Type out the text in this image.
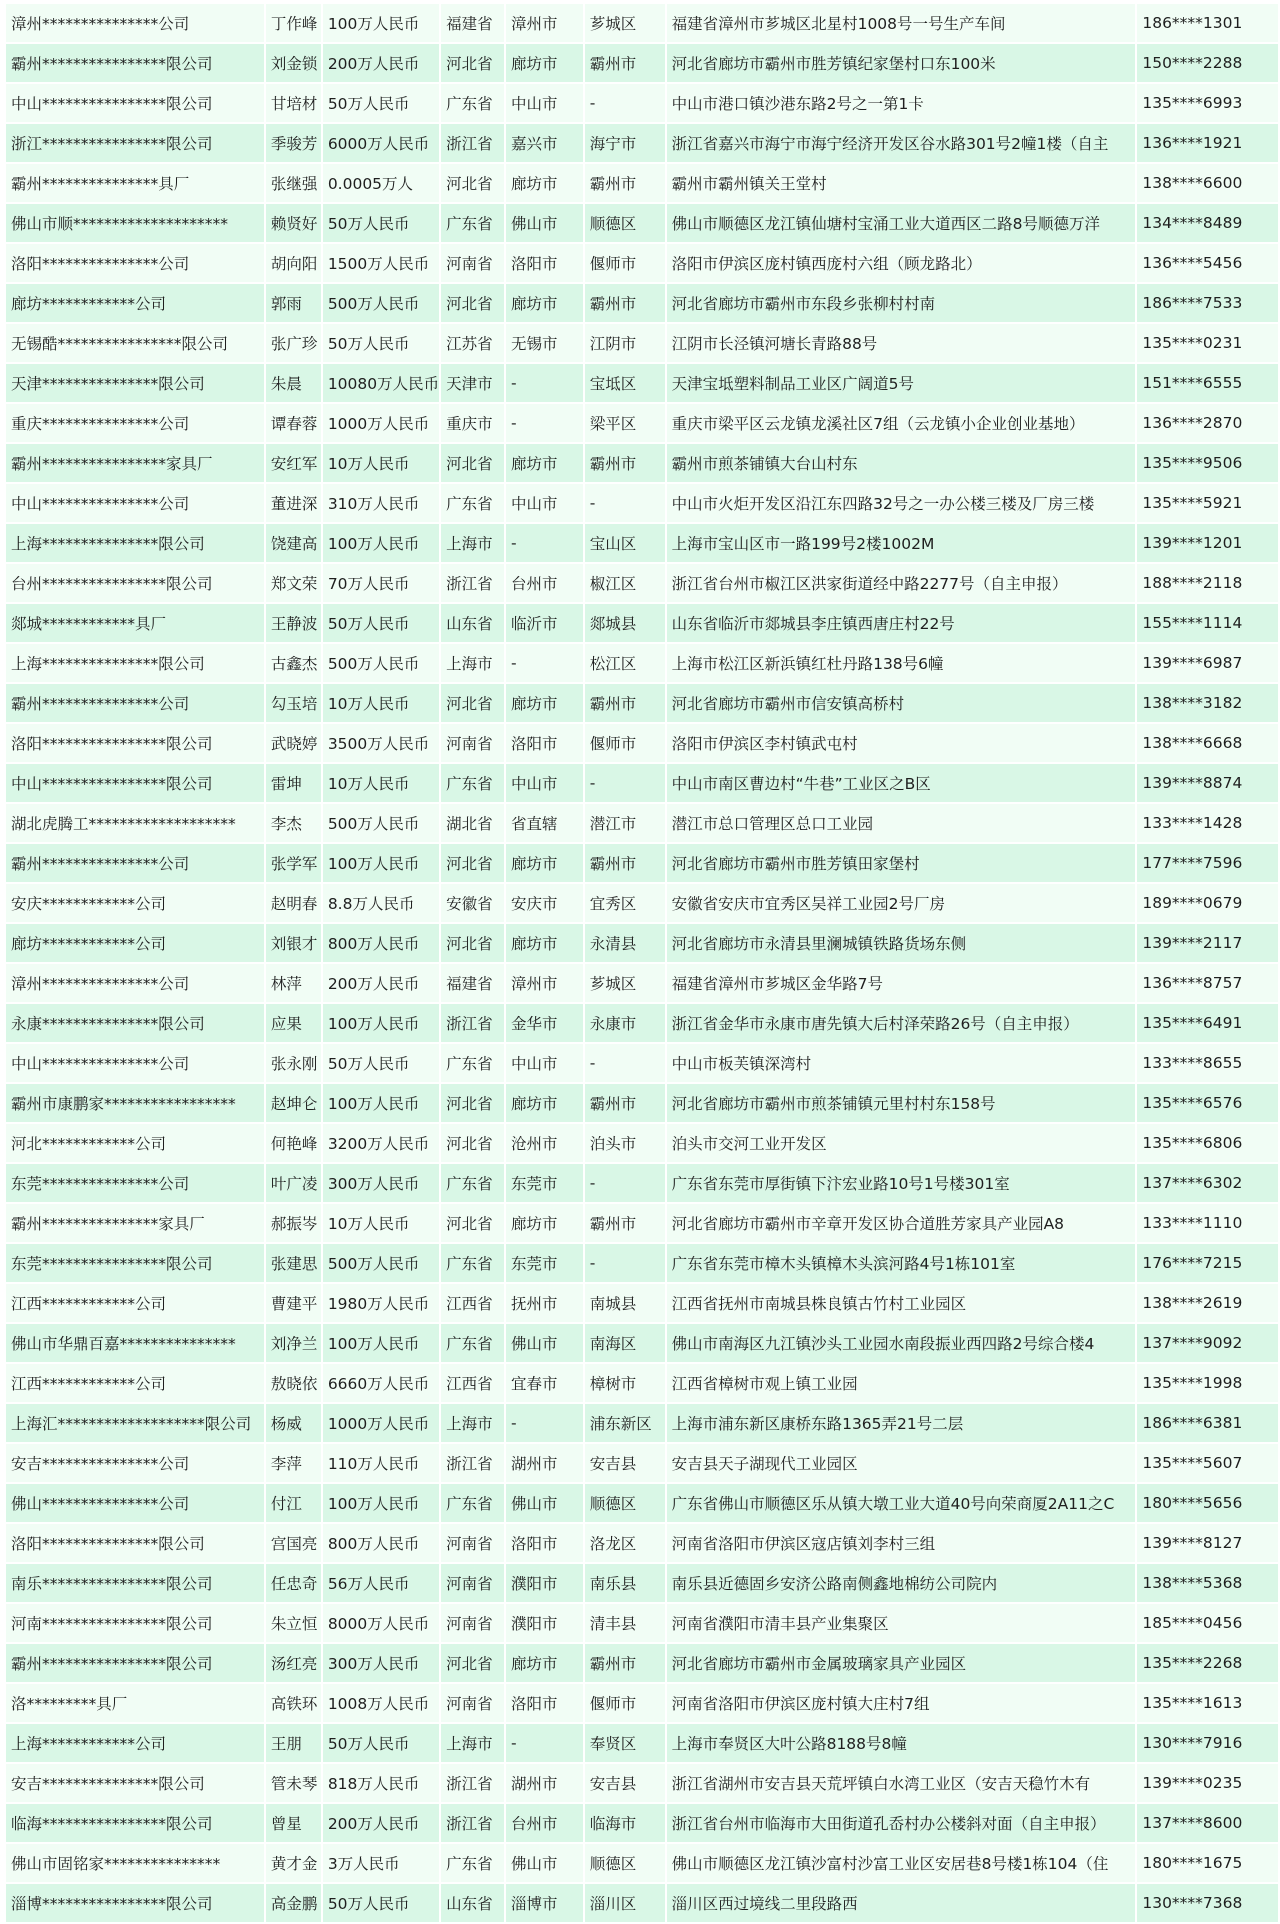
漳州***************公司	丁作峰	100万人民币	福建省	漳州市	芗城区	福建省漳州市芗城区北星村1008号一号生产车间	186****1301
霸州****************限公司	刘金锁	200万人民币	河北省	廊坊市	霸州市	河北省廊坊市霸州市胜芳镇纪家堡村口东100米	150****2288
中山****************限公司	甘培材	50万人民币	广东省	中山市	-	中山市港口镇沙港东路2号之一第1卡	135****6993
浙江****************限公司	季骏芳	6000万人民币	浙江省	嘉兴市	海宁市	浙江省嘉兴市海宁市海宁经济开发区谷水路301号2幢1楼（自主	136****1921
霸州***************具厂	张继强	0.0005万人	河北省	廊坊市	霸州市	霸州市霸州镇关王堂村	138****6600
佛山市顺********************	赖贤好	50万人民币	广东省	佛山市	顺德区	佛山市顺德区龙江镇仙塘村宝涌工业大道西区二路8号顺德万洋	134****8489
洛阳***************公司	胡向阳	1500万人民币	河南省	洛阳市	偃师市	洛阳市伊滨区庞村镇西庞村六组（顾龙路北）	136****5456
廊坊************公司	郭雨	500万人民币	河北省	廊坊市	霸州市	河北省廊坊市霸州市东段乡张柳村村南	186****7533
无锡酷****************限公司	张广珍	50万人民币	江苏省	无锡市	江阴市	江阴市长泾镇河塘长青路88号	135****0231
天津***************限公司	朱晨	10080万人民币	天津市	-	宝坻区	天津宝坻塑料制品工业区广阔道5号	151****6555
重庆***************公司	谭春蓉	1000万人民币	重庆市	-	梁平区	重庆市梁平区云龙镇龙溪社区7组（云龙镇小企业创业基地）	136****2870
霸州****************家具厂	安红军	10万人民币	河北省	廊坊市	霸州市	霸州市煎茶铺镇大台山村东	135****9506
中山***************公司	董进深	310万人民币	广东省	中山市	-	中山市火炬开发区沿江东四路32号之一办公楼三楼及厂房三楼	135****5921
上海***************限公司	饶建高	100万人民币	上海市	-	宝山区	上海市宝山区市一路199号2楼1002M	139****1201
台州****************限公司	郑文荣	70万人民币	浙江省	台州市	椒江区	浙江省台州市椒江区洪家街道经中路2277号（自主申报）	188****2118
郯城************具厂	王静波	50万人民币	山东省	临沂市	郯城县	山东省临沂市郯城县李庄镇西唐庄村22号	155****1114
上海***************限公司	古鑫杰	500万人民币	上海市	-	松江区	上海市松江区新浜镇红杜丹路138号6幢	139****6987
霸州***************公司	勾玉培	10万人民币	河北省	廊坊市	霸州市	河北省廊坊市霸州市信安镇高桥村	138****3182
洛阳****************限公司	武晓婷	3500万人民币	河南省	洛阳市	偃师市	洛阳市伊滨区李村镇武屯村	138****6668
中山****************限公司	雷坤	10万人民币	广东省	中山市	-	中山市南区曹边村“牛巷”工业区之B区	139****8874
湖北虎腾工*******************	李杰	500万人民币	湖北省	省直辖	潜江市	潜江市总口管理区总口工业园	133****1428
霸州***************公司	张学军	100万人民币	河北省	廊坊市	霸州市	河北省廊坊市霸州市胜芳镇田家堡村	177****7596
安庆************公司	赵明春	8.8万人民币	安徽省	安庆市	宜秀区	安徽省安庆市宜秀区吴祥工业园2号厂房	189****0679
廊坊************公司	刘银才	800万人民币	河北省	廊坊市	永清县	河北省廊坊市永清县里澜城镇铁路货场东侧	139****2117
漳州***************公司	林萍	200万人民币	福建省	漳州市	芗城区	福建省漳州市芗城区金华路7号	136****8757
永康***************限公司	应果	100万人民币	浙江省	金华市	永康市	浙江省金华市永康市唐先镇大后村泽荣路26号（自主申报）	135****6491
中山***************公司	张永刚	50万人民币	广东省	中山市	-	中山市板芙镇深湾村	133****8655
霸州市康鹏家*****************	赵坤仑	100万人民币	河北省	廊坊市	霸州市	河北省廊坊市霸州市煎茶铺镇元里村村东158号	135****6576
河北************公司	何艳峰	3200万人民币	河北省	沧州市	泊头市	泊头市交河工业开发区	135****6806
东莞***************公司	叶广凌	300万人民币	广东省	东莞市	-	广东省东莞市厚街镇下汴宏业路10号1号楼301室	137****6302
霸州***************家具厂	郝振岑	10万人民币	河北省	廊坊市	霸州市	河北省廊坊市霸州市辛章开发区协合道胜芳家具产业园A8	133****1110
东莞****************限公司	张建思	500万人民币	广东省	东莞市	-	广东省东莞市樟木头镇樟木头滨河路4号1栋101室	176****7215
江西************公司	曹建平	1980万人民币	江西省	抚州市	南城县	江西省抚州市南城县株良镇古竹村工业园区	138****2619
佛山市华鼎百嘉***************	刘净兰	100万人民币	广东省	佛山市	南海区	佛山市南海区九江镇沙头工业园水南段振业西四路2号综合楼4	137****9092
江西************公司	敖晓依	6660万人民币	江西省	宜春市	樟树市	江西省樟树市观上镇工业园	135****1998
上海汇*******************限公司	杨威	1000万人民币	上海市	-	浦东新区	上海市浦东新区康桥东路1365弄21号二层	186****6381
安吉***************公司	李萍	110万人民币	浙江省	湖州市	安吉县	安吉县天子湖现代工业园区	135****5607
佛山***************公司	付江	100万人民币	广东省	佛山市	顺德区	广东省佛山市顺德区乐从镇大墩工业大道40号向荣商厦2A11之C	180****5656
洛阳***************限公司	宫国亮	800万人民币	河南省	洛阳市	洛龙区	河南省洛阳市伊滨区寇店镇刘李村三组	139****8127
南乐****************限公司	任忠奇	56万人民币	河南省	濮阳市	南乐县	南乐县近德固乡安济公路南侧鑫地棉纺公司院内	138****5368
河南****************限公司	朱立恒	8000万人民币	河南省	濮阳市	清丰县	河南省濮阳市清丰县产业集聚区	185****0456
霸州****************限公司	汤红亮	300万人民币	河北省	廊坊市	霸州市	河北省廊坊市霸州市金属玻璃家具产业园区	135****2268
洛*********具厂	高铁环	1008万人民币	河南省	洛阳市	偃师市	河南省洛阳市伊滨区庞村镇大庄村7组	135****1613
上海************公司	王朋	50万人民币	上海市	-	奉贤区	上海市奉贤区大叶公路8188号8幢	130****7916
安吉***************限公司	管未琴	818万人民币	浙江省	湖州市	安吉县	浙江省湖州市安吉县天荒坪镇白水湾工业区（安吉天稳竹木有	139****0235
临海****************限公司	曾星	200万人民币	浙江省	台州市	临海市	浙江省台州市临海市大田街道孔岙村办公楼斜对面（自主申报）	137****8600
佛山市固铭家***************	黄才金	3万人民币	广东省	佛山市	顺德区	佛山市顺德区龙江镇沙富村沙富工业区安居巷8号楼1栋104（住	180****1675
淄博****************限公司	高金鹏	50万人民币	山东省	淄博市	淄川区	淄川区西过境线二里段路西	130****7368
